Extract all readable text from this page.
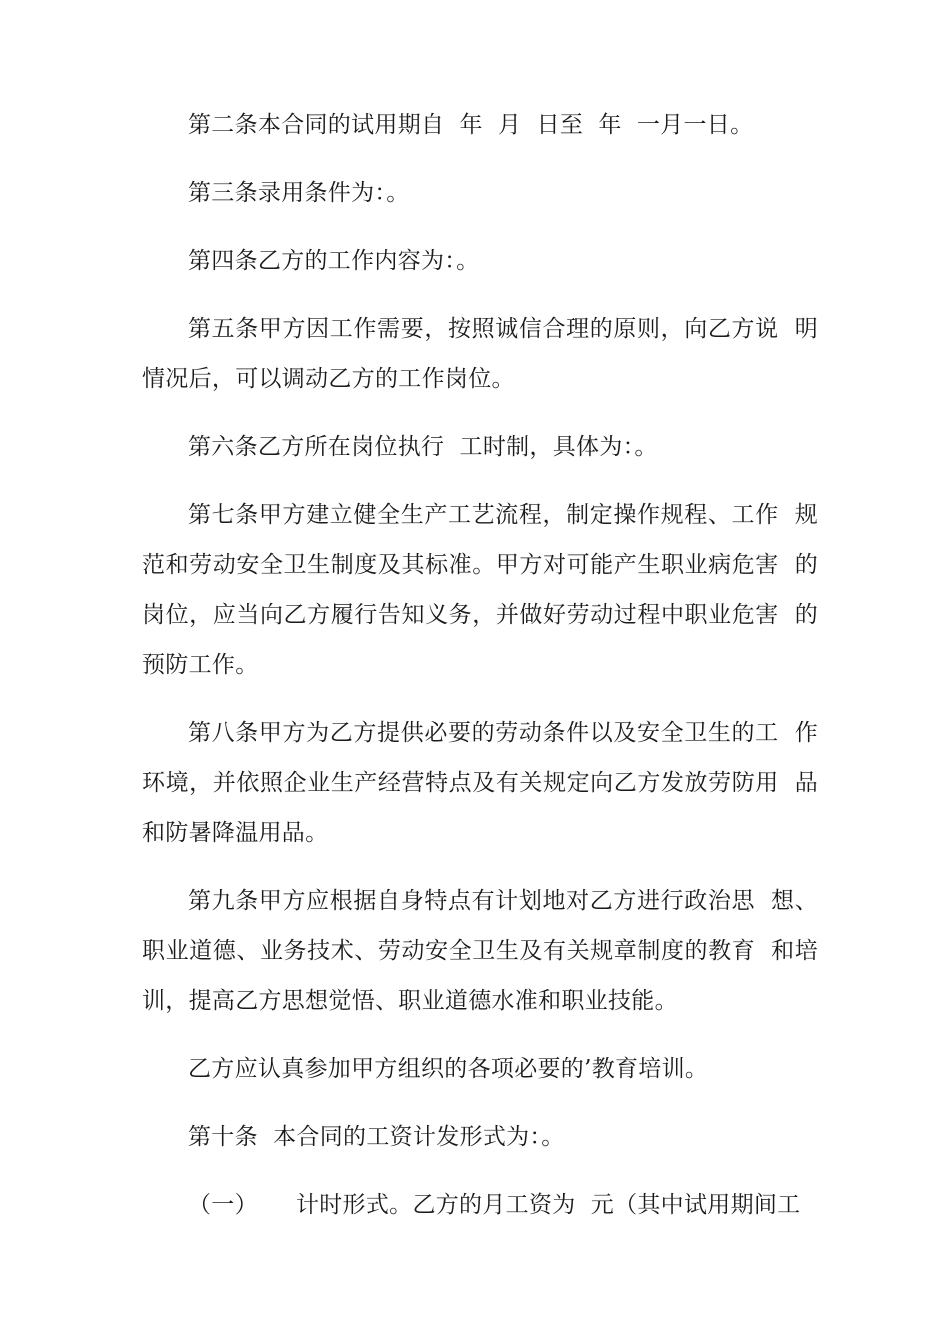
第二条本合同的试用期自  年  月  日至  年  一月一日。

第三条录用条件为：。

第四条乙方的工作内容为：。

第五条甲方因工作需要，按照诚信合理的原则，向乙方说  明情况后，可以调动乙方的工作岗位。

第六条乙方所在岗位执行  工时制，具体为：。

第七条甲方建立健全生产工艺流程，制定操作规程、工作  规范和劳动安全卫生制度及其标准。甲方对可能产生职业病危害  的岗位，应当向乙方履行告知义务，并做好劳动过程中职业危害  的预防工作。

第八条甲方为乙方提供必要的劳动条件以及安全卫生的工  作环境，并依照企业生产经营特点及有关规定向乙方发放劳防用  品和防暑降温用品。

第九条甲方应根据自身特点有计划地对乙方进行政治思  想、职业道德、业务技术、劳动安全卫生及有关规章制度的教育  和培训，提高乙方思想觉悟、职业道德水准和职业技能。

乙方应认真参加甲方组织的各项必要的’教育培训。

第十条  本合同的工资计发形式为：。

（一）     计时形式。乙方的月工资为  元（其中试用期间工
